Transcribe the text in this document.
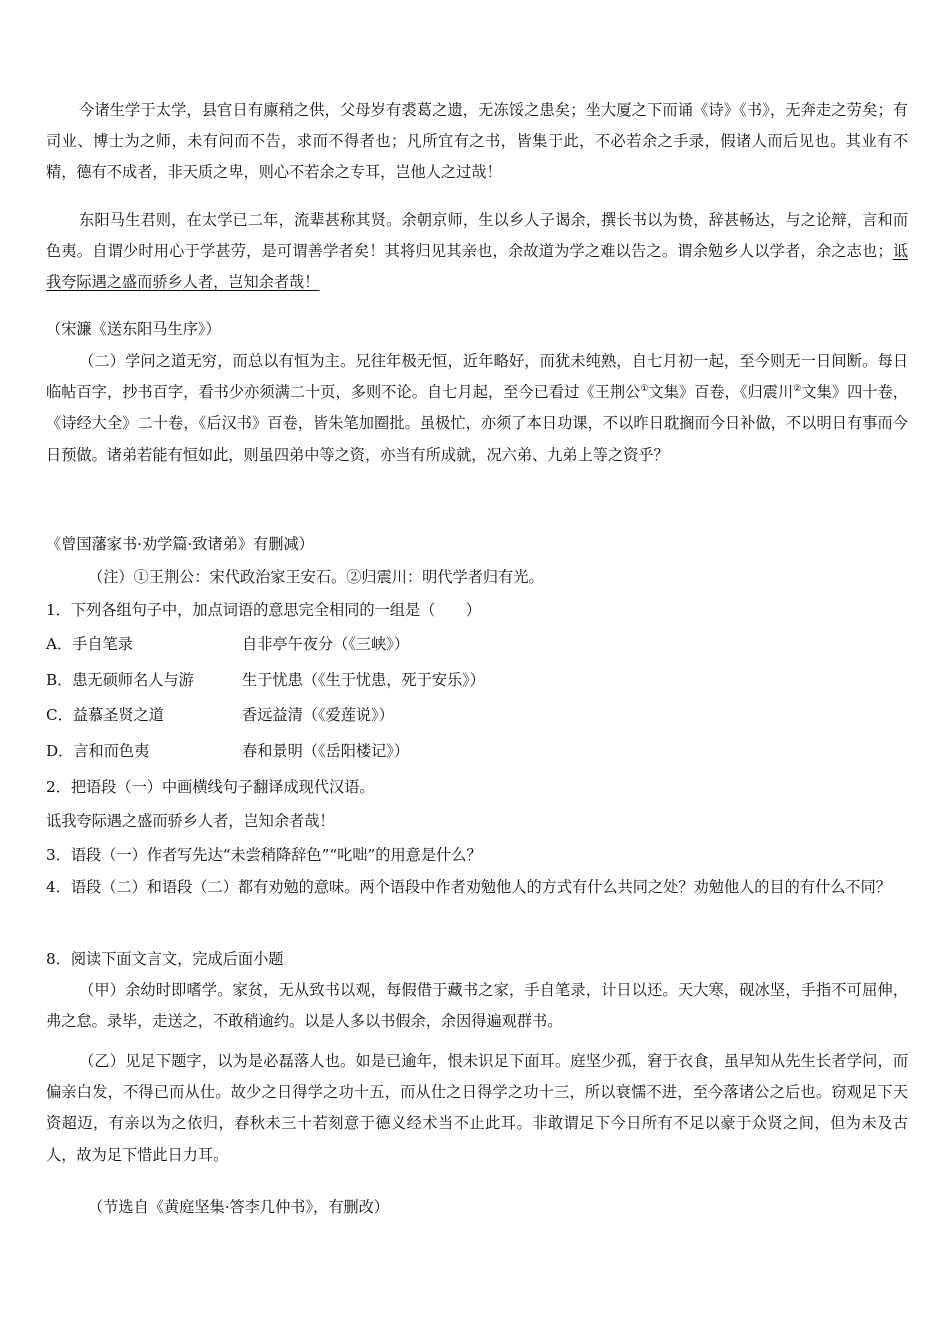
今诸生学于太学，县官日有廪稍之供，父母岁有裘葛之遗，无冻馁之患矣；坐大厦之下而诵《诗》《书》，无奔走之劳矣；有司业、博士为之师，未有问而不告，求而不得者也；凡所宜有之书，皆集于此，不必若余之手录，假诸人而后见也。其业有不精，德有不成者，非天质之卑，则心不若余之专耳，岂他人之过哉！

东阳马生君则，在太学已二年，流辈甚称其贤。余朝京师，生以乡人子谒余，撰长书以为贽，辞甚畅达，与之论辩，言和而色夷。自谓少时用心于学甚劳，是可谓善学者矣！其将归见其亲也，余故道为学之难以告之。谓余勉乡人以学者，余之志也；诋我夸际遇之盛而骄乡人者，岂知余者哉！

（宋濂《送东阳马生序》）

（二）学问之道无穷，而总以有恒为主。兄往年极无恒，近年略好，而犹未纯熟，自七月初一起，至今则无一日间断。每日临帖百字，抄书百字，看书少亦须满二十页，多则不论。自七月起，至今已看过《王荆公①文集》百卷，《归震川②文集》四十卷，《诗经大全》二十卷，《后汉书》百卷，皆朱笔加圈批。虽极忙，亦须了本日功课，不以昨日耽搁而今日补做，不以明日有事而今日预做。诸弟若能有恒如此，则虽四弟中等之资，亦当有所成就，况六弟、九弟上等之资乎？

《曾国藩家书·劝学篇·致诸弟》有删减）

（注）①王荆公：宋代政治家王安石。②归震川：明代学者归有光。

1．下列各组句子中，加点词语的意思完全相同的一组是（　　）

A．手自笔录	自非亭午夜分（《三峡》）
B．患无硕师名人与游	生于忧患（《生于忧患，死于安乐》）
C．益慕圣贤之道	香远益清（《爱莲说》）
D．言和而色夷	春和景明（《岳阳楼记》）

2．把语段（一）中画横线句子翻译成现代汉语。

诋我夸际遇之盛而骄乡人者，岂知余者哉！

3．语段（一）作者写先达“未尝稍降辞色”“叱咄”的用意是什么？

4．语段（二）和语段（二）都有劝勉的意味。两个语段中作者劝勉他人的方式有什么共同之处？劝勉他人的目的有什么不同？

8．阅读下面文言文，完成后面小题

（甲）余幼时即嗜学。家贫，无从致书以观，每假借于藏书之家，手自笔录，计日以还。天大寒，砚冰坚，手指不可屈伸，弗之怠。录毕，走送之，不敢稍逾约。以是人多以书假余，余因得遍观群书。

（乙）见足下题字，以为是必磊落人也。如是已逾年，恨未识足下面耳。庭坚少孤，窘于衣食，虽早知从先生长者学问，而偏亲白发，不得已而从仕。故少之日得学之功十五，而从仕之日得学之功十三，所以衰懦不进，至今落诸公之后也。窃观足下天资超迈，有亲以为之依归，春秋未三十若刻意于德义经术当不止此耳。非敢谓足下今日所有不足以豪于众贤之间，但为未及古人，故为足下惜此日力耳。

（节选自《黄庭坚集·答李几仲书》，有删改）
